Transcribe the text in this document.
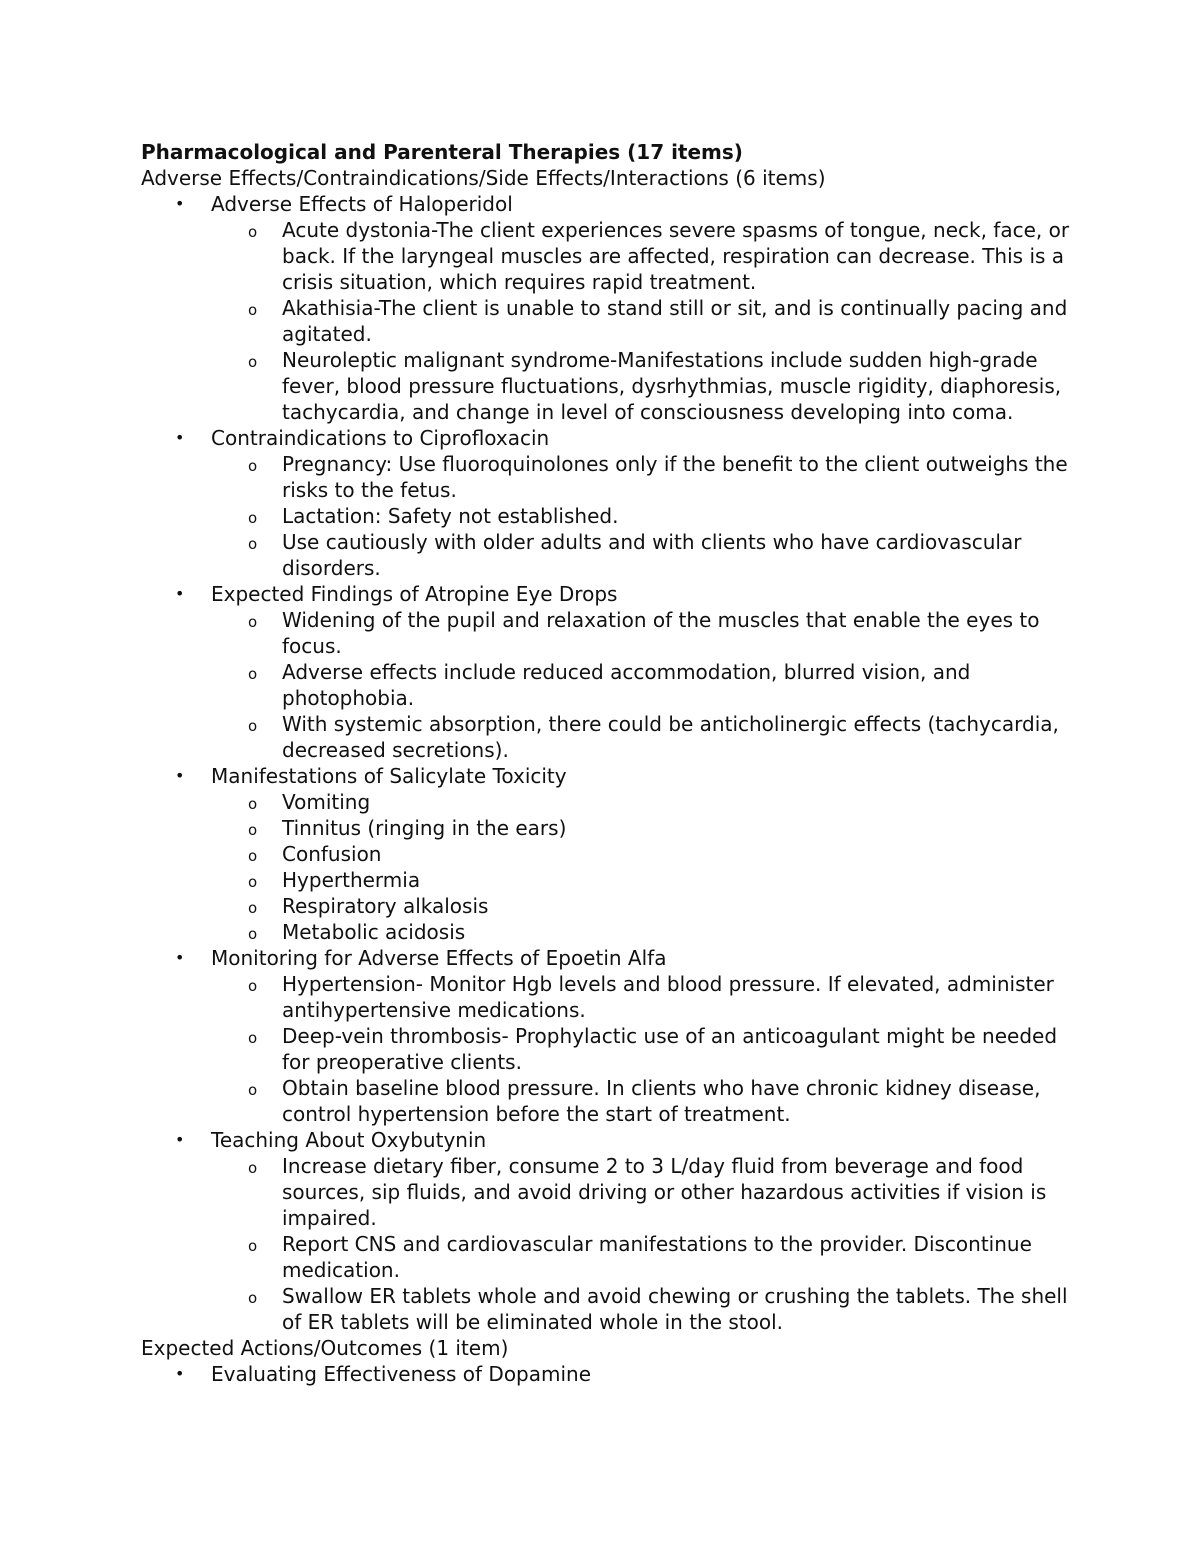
Pharmacological and Parenteral Therapies (17 items)

Adverse Effects/Contraindications/Side Effects/Interactions (6 items)

• Adverse Effects of Haloperidol
o Acute dystonia-The client experiences severe spasms of tongue, neck, face, or back. If the laryngeal muscles are affected, respiration can decrease. This is a crisis situation, which requires rapid treatment.
o Akathisia-The client is unable to stand still or sit, and is continually pacing and agitated.
o Neuroleptic malignant syndrome-Manifestations include sudden high-grade fever, blood pressure fluctuations, dysrhythmias, muscle rigidity, diaphoresis, tachycardia, and change in level of consciousness developing into coma.
• Contraindications to Ciprofloxacin
o Pregnancy: Use fluoroquinolones only if the benefit to the client outweighs the risks to the fetus.
o Lactation: Safety not established.
o Use cautiously with older adults and with clients who have cardiovascular disorders.
• Expected Findings of Atropine Eye Drops
o Widening of the pupil and relaxation of the muscles that enable the eyes to focus.
o Adverse effects include reduced accommodation, blurred vision, and photophobia.
o With systemic absorption, there could be anticholinergic effects (tachycardia, decreased secretions).
• Manifestations of Salicylate Toxicity
o Vomiting
o Tinnitus (ringing in the ears)
o Confusion
o Hyperthermia
o Respiratory alkalosis
o Metabolic acidosis
• Monitoring for Adverse Effects of Epoetin Alfa
o Hypertension- Monitor Hgb levels and blood pressure. If elevated, administer antihypertensive medications.
o Deep-vein thrombosis- Prophylactic use of an anticoagulant might be needed for preoperative clients.
o Obtain baseline blood pressure. In clients who have chronic kidney disease, control hypertension before the start of treatment.
• Teaching About Oxybutynin
o Increase dietary fiber, consume 2 to 3 L/day fluid from beverage and food sources, sip fluids, and avoid driving or other hazardous activities if vision is impaired.
o Report CNS and cardiovascular manifestations to the provider. Discontinue medication.
o Swallow ER tablets whole and avoid chewing or crushing the tablets. The shell of ER tablets will be eliminated whole in the stool.

Expected Actions/Outcomes (1 item)

• Evaluating Effectiveness of Dopamine
